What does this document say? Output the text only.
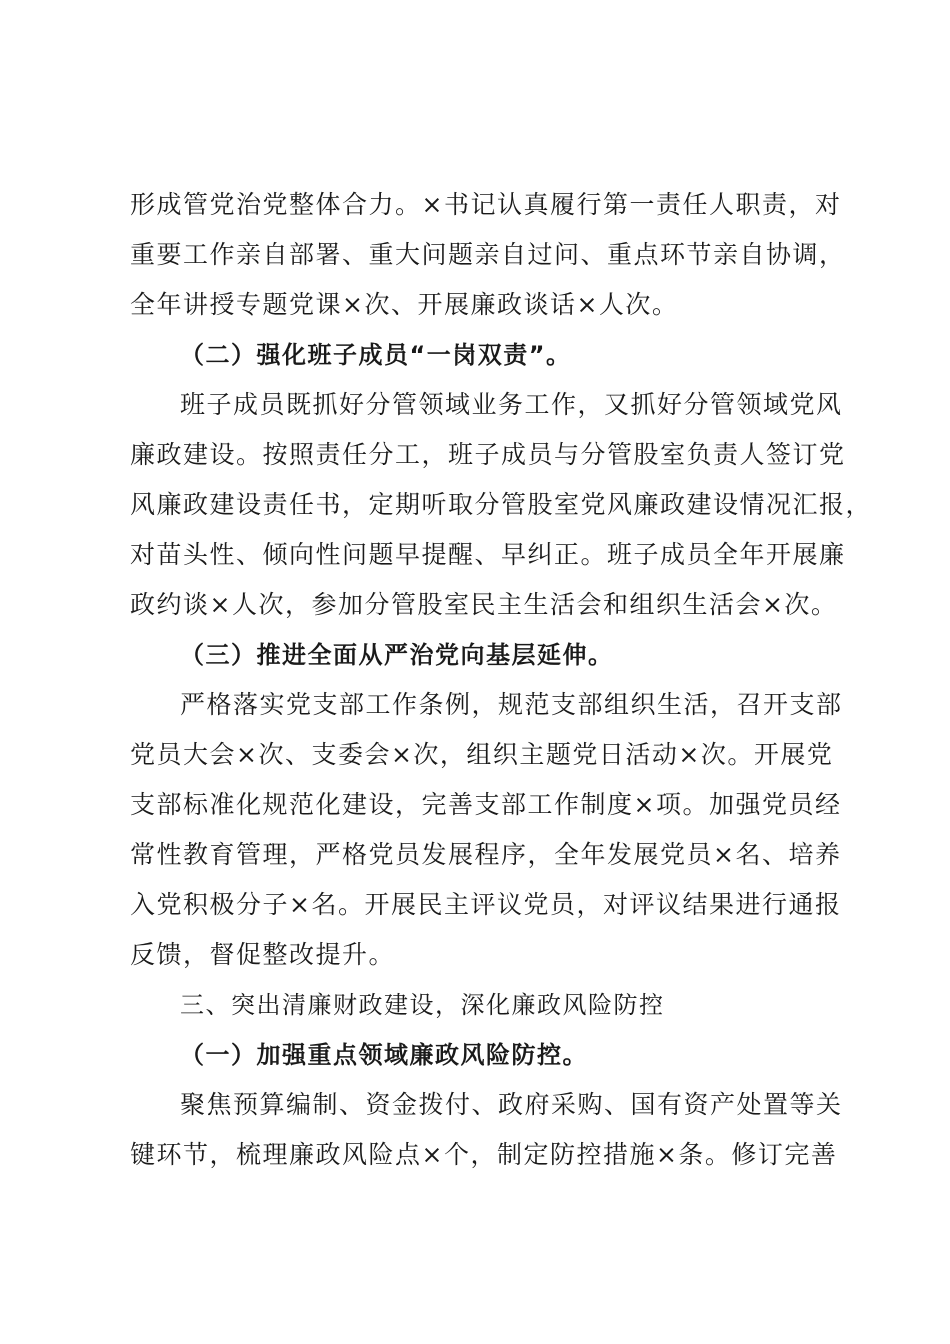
形成管党治党整体合力。×书记认真履行第一责任人职责，对
重要工作亲自部署、重大问题亲自过问、重点环节亲自协调，
全年讲授专题党课×次、开展廉政谈话×人次。
（二）强化班子成员“一岗双责”。
班子成员既抓好分管领域业务工作，又抓好分管领域党风
廉政建设。按照责任分工，班子成员与分管股室负责人签订党
风廉政建设责任书，定期听取分管股室党风廉政建设情况汇报，
对苗头性、倾向性问题早提醒、早纠正。班子成员全年开展廉
政约谈×人次，参加分管股室民主生活会和组织生活会×次。
（三）推进全面从严治党向基层延伸。
严格落实党支部工作条例，规范支部组织生活，召开支部
党员大会×次、支委会×次，组织主题党日活动×次。开展党
支部标准化规范化建设，完善支部工作制度×项。加强党员经
常性教育管理，严格党员发展程序，全年发展党员×名、培养
入党积极分子×名。开展民主评议党员，对评议结果进行通报
反馈，督促整改提升。
三、突出清廉财政建设，深化廉政风险防控
（一）加强重点领域廉政风险防控。
聚焦预算编制、资金拨付、政府采购、国有资产处置等关
键环节，梳理廉政风险点×个，制定防控措施×条。修订完善
